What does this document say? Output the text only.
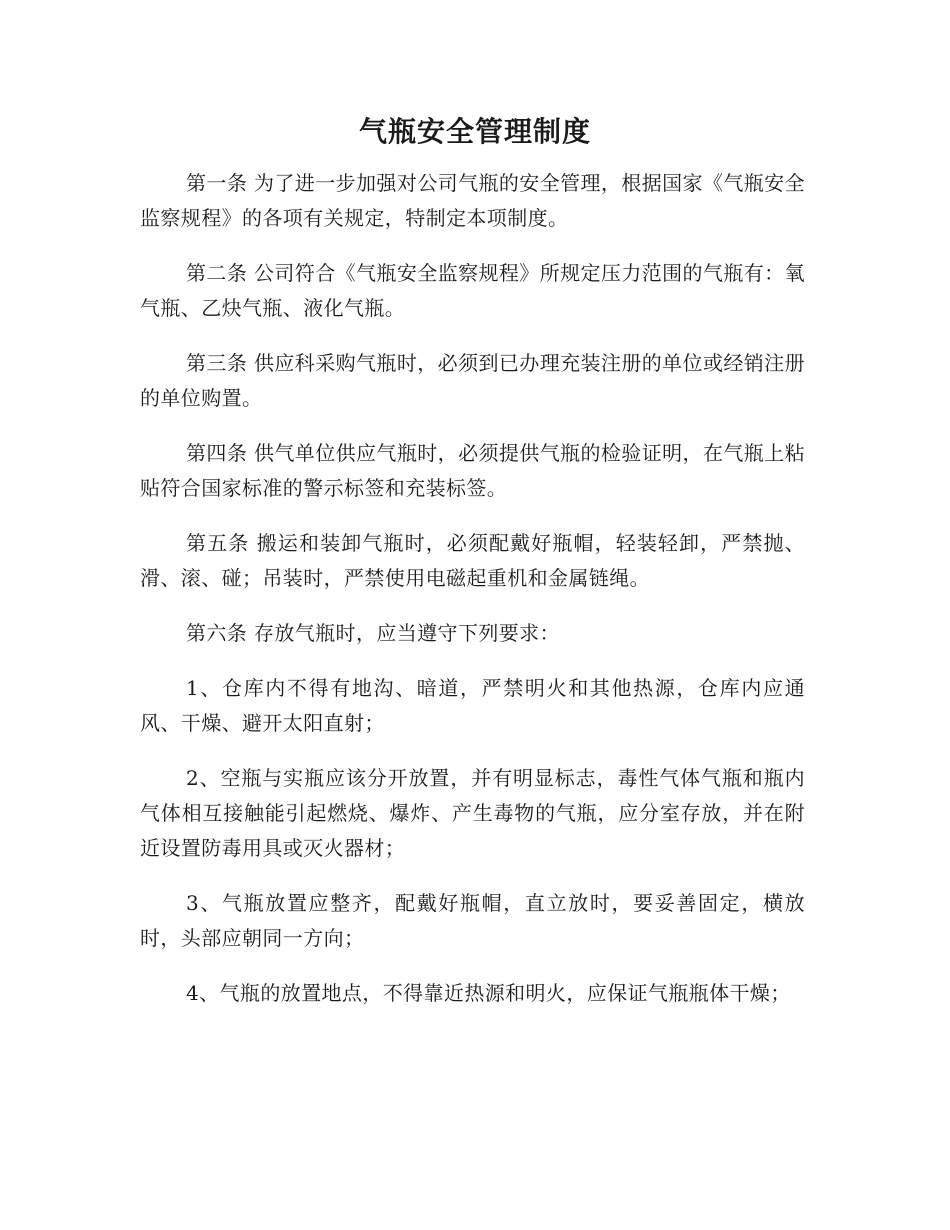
气瓶安全管理制度

第一条 为了进一步加强对公司气瓶的安全管理，根据国家《气瓶安全监察规程》的各项有关规定，特制定本项制度。

第二条 公司符合《气瓶安全监察规程》所规定压力范围的气瓶有：氧气瓶、乙炔气瓶、液化气瓶。

第三条 供应科采购气瓶时，必须到已办理充装注册的单位或经销注册的单位购置。

第四条 供气单位供应气瓶时，必须提供气瓶的检验证明，在气瓶上粘贴符合国家标准的警示标签和充装标签。

第五条 搬运和装卸气瓶时，必须配戴好瓶帽，轻装轻卸，严禁抛、滑、滚、碰；吊装时，严禁使用电磁起重机和金属链绳。

第六条 存放气瓶时，应当遵守下列要求：

1、仓库内不得有地沟、暗道，严禁明火和其他热源，仓库内应通风、干燥、避开太阳直射；

2、空瓶与实瓶应该分开放置，并有明显标志，毒性气体气瓶和瓶内气体相互接触能引起燃烧、爆炸、产生毒物的气瓶，应分室存放，并在附近设置防毒用具或灭火器材；

3、气瓶放置应整齐，配戴好瓶帽，直立放时，要妥善固定，横放时，头部应朝同一方向；

4、气瓶的放置地点，不得靠近热源和明火，应保证气瓶瓶体干燥；
